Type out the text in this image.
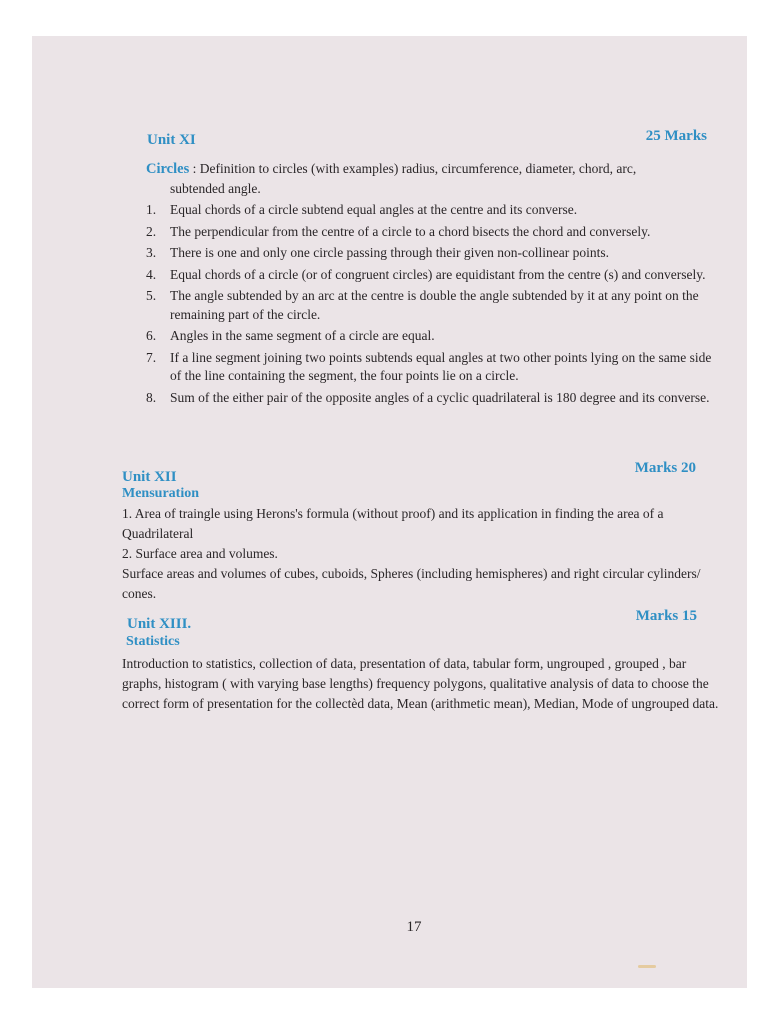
Unit XI	25 Marks

Circles : Definition to circles (with examples) radius, circumference, diameter, chord, arc,
subtended angle.

1. Equal chords of a circle subtend equal angles at the centre and its converse.
2. The perpendicular from the centre of a circle to a chord bisects the chord and conversely.
3. There is one and only one circle passing through their given non-collinear points.
4. Equal chords of a circle (or of congruent circles) are equidistant from the centre (s) and conversely.
5. The angle subtended by an arc at the centre is double the angle subtended by it at any point on the remaining part of the circle.
6. Angles in the same segment of a circle are equal.
7. If a line segment joining two points subtends equal angles at two other points lying on the same side of the line containing the segment, the four points lie on a circle.
8. Sum of the either pair of the opposite angles of a cyclic quadrilateral is 180 degree and its converse.
Unit XII
Marks 20
Mensuration

1. Area of traingle using Herons's formula (without proof) and its application in finding the area of a Quadrilateral

2. Surface area and volumes.

Surface areas and volumes of cubes, cuboids, Spheres (including hemispheres) and right circular cylinders/ cones.

Unit XIII.	Marks 15
Statistics

Introduction to statistics, collection of data, presentation of data, tabular form, ungrouped , grouped , bar graphs, histogram ( with varying base lengths) frequency polygons, qualitative analysis of data to choose the correct form of presentation for the collectèd data, Mean (arithmetic mean), Median, Mode of ungrouped data.

17
